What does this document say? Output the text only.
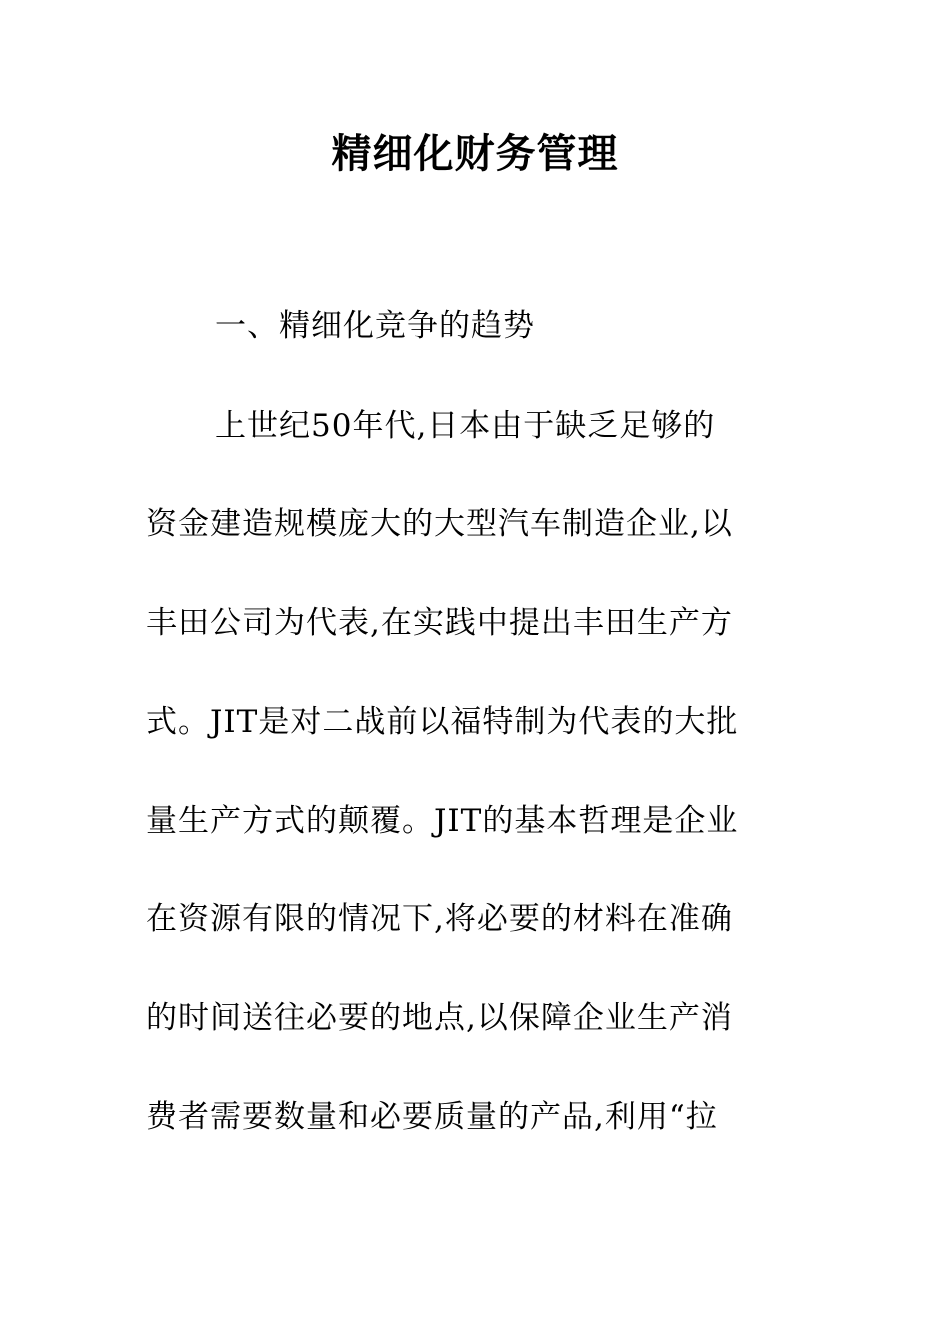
精细化财务管理

一、精细化竞争的趋势

上世纪50年代,日本由于缺乏足够的

资金建造规模庞大的大型汽车制造企业,以

丰田公司为代表,在实践中提出丰田生产方

式。JIT是对二战前以福特制为代表的大批

量生产方式的颠覆。JIT的基本哲理是企业

在资源有限的情况下,将必要的材料在准确

的时间送往必要的地点,以保障企业生产消

费者需要数量和必要质量的产品,利用“拉
